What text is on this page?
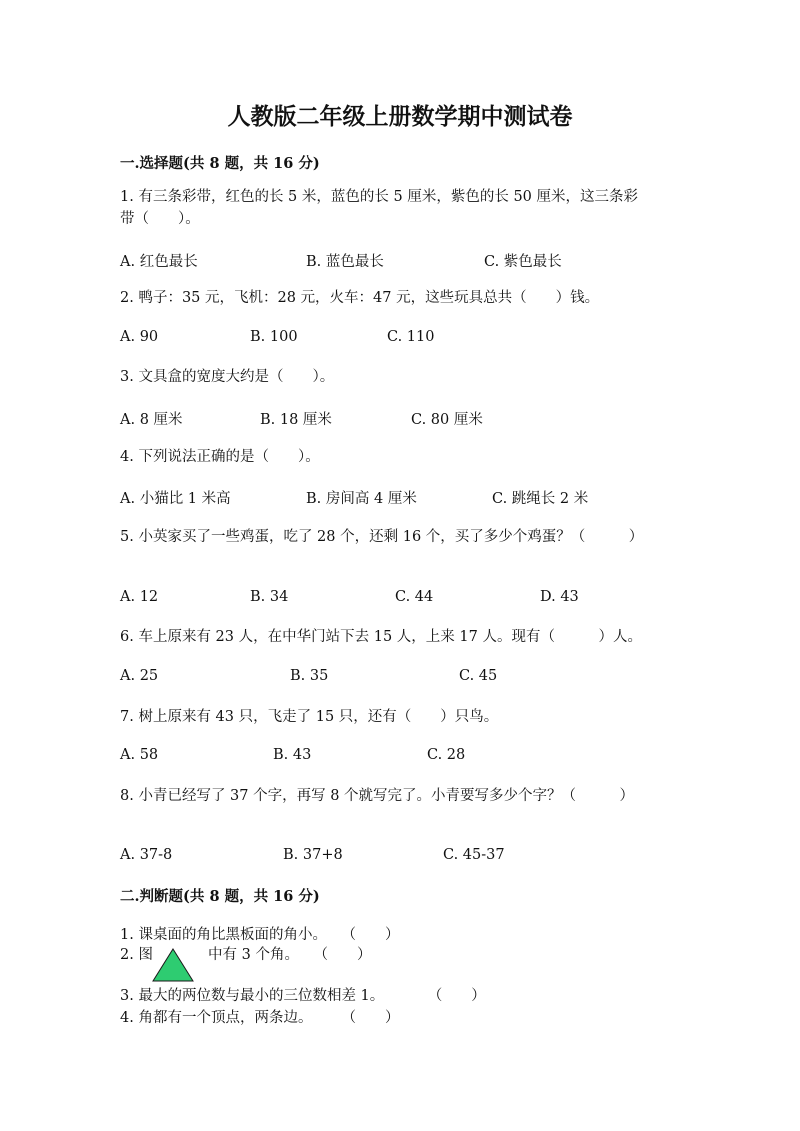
人教版二年级上册数学期中测试卷
一.选择题(共 8 题，共 16 分)
1. 有三条彩带，红色的长 5 米，蓝色的长 5 厘米，紫色的长 50 厘米，这三条彩
带（　　）。
A. 红色最长	B. 蓝色最长	C. 紫色最长
2. 鸭子：35 元，飞机：28 元，火车：47 元，这些玩具总共（　　）钱。
A. 90	B. 100	C. 110
3. 文具盒的宽度大约是（　　）。
A. 8 厘米	B. 18 厘米	C. 80 厘米
4. 下列说法正确的是（　　）。
A. 小猫比 1 米高	B. 房间高 4 厘米	C. 跳绳长 2 米
5. 小英家买了一些鸡蛋，吃了 28 个，还剩 16 个，买了多少个鸡蛋？（　　　）
A. 12	B. 34	C. 44	D. 43
6. 车上原来有 23 人，在中华门站下去 15 人，上来 17 人。现有（　　　）人。
A. 25	B. 35	C. 45
7. 树上原来有 43 只，飞走了 15 只，还有（　　）只鸟。
A. 58	B. 43	C. 28
8. 小青已经写了 37 个字，再写 8 个就写完了。小青要写多少个字？（　　　）
A. 37-8	B. 37+8	C. 45-37
二.判断题(共 8 题，共 16 分)
1. 课桌面的角比黑板面的角小。　　（　　）
2. 图	中有 3 个角。　　（　　）
3. 最大的两位数与最小的三位数相差 1。　　　　（　　）
4. 角都有一个顶点，两条边。　　　（　　）
